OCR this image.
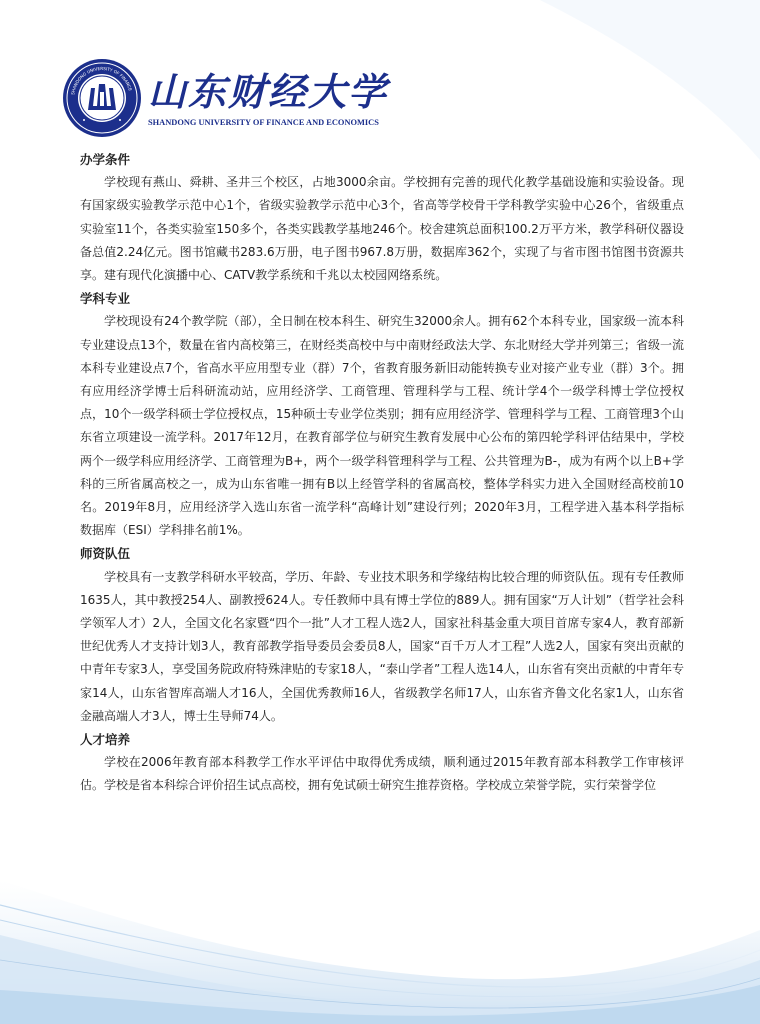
SHANDONG UNIVERSITY OF FINANCE 山东财经大学
SHANDONG UNIVERSITY OF FINANCE AND ECONOMICS

办学条件

学校现有燕山、舜耕、圣井三个校区，占地3000余亩。学校拥有完善的现代化教学基础设施和实验设备。现有国家级实验教学示范中心1个，省级实验教学示范中心3个，省高等学校骨干学科教学实验中心26个，省级重点实验室11个，各类实验室150多个，各类实践教学基地246个。校舍建筑总面积100.2万平方米，教学科研仪器设备总值2.24亿元。图书馆藏书283.6万册，电子图书967.8万册，数据库362个，实现了与省市图书馆图书资源共享。建有现代化演播中心、CATV教学系统和千兆以太校园网络系统。

学科专业

学校现设有24个教学院（部），全日制在校本科生、研究生32000余人。拥有62个本科专业，国家级一流本科专业建设点13个，数量在省内高校第三，在财经类高校中与中南财经政法大学、东北财经大学并列第三；省级一流本科专业建设点7个，省高水平应用型专业（群）7个，省教育服务新旧动能转换专业对接产业专业（群）3个。拥有应用经济学博士后科研流动站，应用经济学、工商管理、管理科学与工程、统计学4个一级学科博士学位授权点，10个一级学科硕士学位授权点，15种硕士专业学位类别；拥有应用经济学、管理科学与工程、工商管理3个山东省立项建设一流学科。2017年12月，在教育部学位与研究生教育发展中心公布的第四轮学科评估结果中，学校两个一级学科应用经济学、工商管理为B+，两个一级学科管理科学与工程、公共管理为B-，成为有两个以上B+学科的三所省属高校之一，成为山东省唯一拥有B以上经管学科的省属高校，整体学科实力进入全国财经高校前10名。2019年8月，应用经济学入选山东省一流学科“高峰计划”建设行列；2020年3月，工程学进入基本科学指标数据库（ESI）学科排名前1%。

师资队伍

学校具有一支教学科研水平较高，学历、年龄、专业技术职务和学缘结构比较合理的师资队伍。现有专任教师1635人，其中教授254人、副教授624人。专任教师中具有博士学位的889人。拥有国家“万人计划”（哲学社会科学领军人才）2人，全国文化名家暨“四个一批”人才工程人选2人，国家社科基金重大项目首席专家4人，教育部新世纪优秀人才支持计划3人，教育部教学指导委员会委员8人，国家“百千万人才工程”人选2人，国家有突出贡献的中青年专家3人，享受国务院政府特殊津贴的专家18人，“泰山学者”工程人选14人，山东省有突出贡献的中青年专家14人，山东省智库高端人才16人，全国优秀教师16人，省级教学名师17人，山东省齐鲁文化名家1人，山东省金融高端人才3人，博士生导师74人。

人才培养

学校在2006年教育部本科教学工作水平评估中取得优秀成绩，顺利通过2015年教育部本科教学工作审核评估。学校是省本科综合评价招生试点高校，拥有免试硕士研究生推荐资格。学校成立荣誉学院，实行荣誉学位
